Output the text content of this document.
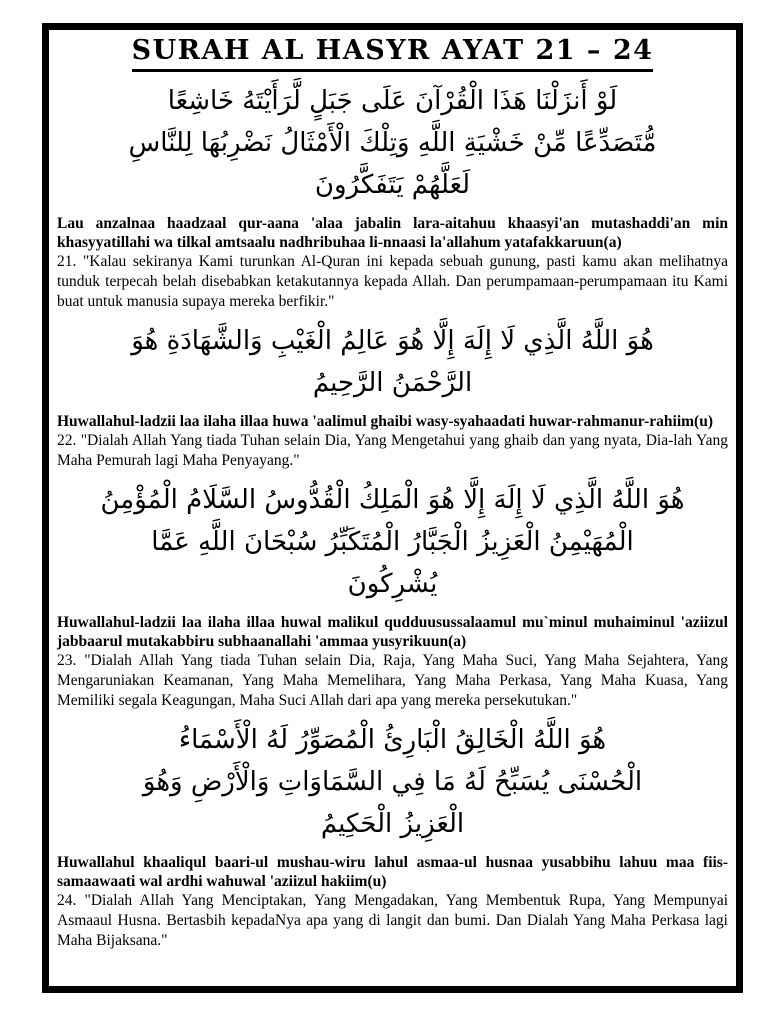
SURAH AL HASYR AYAT 21 – 24
لَوْ أَنزَلْنَا هَذَا الْقُرْآنَ عَلَى جَبَلٍ لَّرَأَيْتَهُ خَاشِعًا
مُّتَصَدِّعًا مِّنْ خَشْيَةِ اللَّهِ وَتِلْكَ الْأَمْثَالُ نَضْرِبُهَا لِلنَّاسِ
لَعَلَّهُمْ يَتَفَكَّرُونَ

Lau anzalnaa haadzaal qur-aana 'alaa jabalin lara-aitahuu khaasyi'an mutashaddi'an min khasyyatillahi wa tilkal amtsaalu nadhribuhaa li-nnaasi la'allahum yatafakkaruun(a)

21. "Kalau sekiranya Kami turunkan Al-Quran ini kepada sebuah gunung, pasti kamu akan melihatnya tunduk terpecah belah disebabkan ketakutannya kepada Allah. Dan perumpamaan-perumpamaan itu Kami buat untuk manusia supaya mereka berfikir."

هُوَ اللَّهُ الَّذِي لَا إِلَهَ إِلَّا هُوَ عَالِمُ الْغَيْبِ وَالشَّهَادَةِ هُوَ
الرَّحْمَنُ الرَّحِيمُ

Huwallahul-ladzii laa ilaha illaa huwa 'aalimul ghaibi wasy-syahaadati huwar-rahmanur-rahiim(u)

22. "Dialah Allah Yang tiada Tuhan selain Dia, Yang Mengetahui yang ghaib dan yang nyata, Dia-lah Yang Maha Pemurah lagi Maha Penyayang."

هُوَ اللَّهُ الَّذِي لَا إِلَهَ إِلَّا هُوَ الْمَلِكُ الْقُدُّوسُ السَّلَامُ الْمُؤْمِنُ
الْمُهَيْمِنُ الْعَزِيزُ الْجَبَّارُ الْمُتَكَبِّرُ سُبْحَانَ اللَّهِ عَمَّا
يُشْرِكُونَ

Huwallahul-ladzii laa ilaha illaa huwal malikul qudduusussalaamul mu`minul muhaiminul 'aziizul jabbaarul mutakabbiru subhaanallahi 'ammaa yusyrikuun(a)

23. "Dialah Allah Yang tiada Tuhan selain Dia, Raja, Yang Maha Suci, Yang Maha Sejahtera, Yang Mengaruniakan Keamanan, Yang Maha Memelihara, Yang Maha Perkasa, Yang Maha Kuasa, Yang Memiliki segala Keagungan, Maha Suci Allah dari apa yang mereka persekutukan."

هُوَ اللَّهُ الْخَالِقُ الْبَارِئُ الْمُصَوِّرُ لَهُ الْأَسْمَاءُ
الْحُسْنَى يُسَبِّحُ لَهُ مَا فِي السَّمَاوَاتِ وَالْأَرْضِ وَهُوَ
الْعَزِيزُ الْحَكِيمُ

Huwallahul khaaliqul baari-ul mushau-wiru lahul asmaa-ul husnaa yusabbihu lahuu maa fiis-samaawaati wal ardhi wahuwal 'aziizul hakiim(u)

24. "Dialah Allah Yang Menciptakan, Yang Mengadakan, Yang Membentuk Rupa, Yang Mempunyai Asmaaul Husna. Bertasbih kepadaNya apa yang di langit dan bumi. Dan Dialah Yang Maha Perkasa lagi Maha Bijaksana."
